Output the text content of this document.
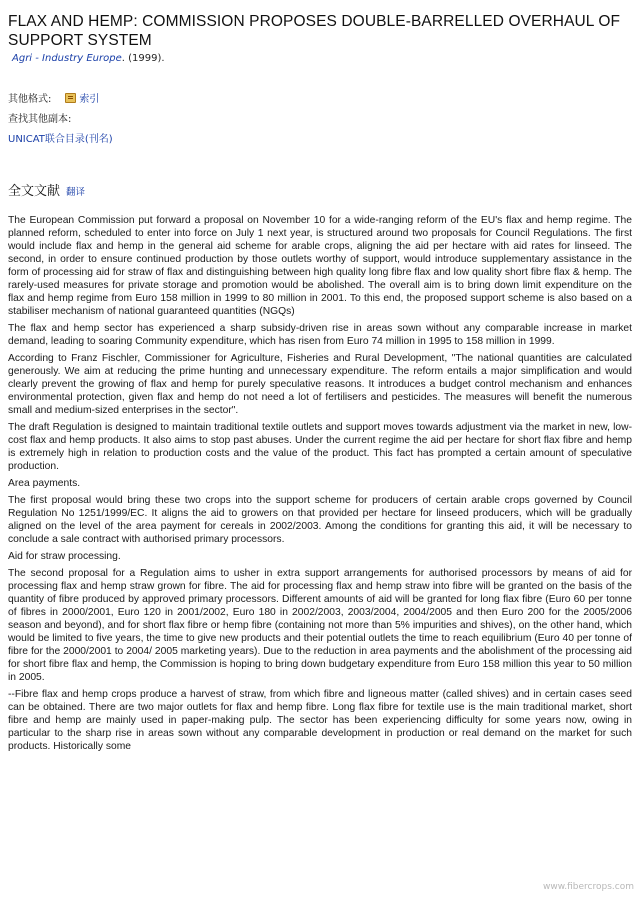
FLAX AND HEMP: COMMISSION PROPOSES DOUBLE-BARRELLED OVERHAUL OF SUPPORT SYSTEM
Agri - Industry Europe. (1999).
其他格式:	索引
查找其他副本:
UNICAT联合目录(刊名)
全文文献 翻译

The European Commission put forward a proposal on November 10 for a wide-ranging reform of the EU's flax and hemp regime. The planned reform, scheduled to enter into force on July 1 next year, is structured around two proposals for Council Regulations. The first would include flax and hemp in the general aid scheme for arable crops, aligning the aid per hectare with aid rates for linseed. The second, in order to ensure continued production by those outlets worthy of support, would introduce supplementary assistance in the form of processing aid for straw of flax and distinguishing between high quality long fibre flax and low quality short fibre flax & hemp. The rarely-used measures for private storage and promotion would be abolished. The overall aim is to bring down limit expenditure on the flax and hemp regime from Euro 158 million in 1999 to 80 million in 2001. To this end, the proposed support scheme is also based on a stabiliser mechanism of national guaranteed quantities (NGQs)

The flax and hemp sector has experienced a sharp subsidy-driven rise in areas sown without any comparable increase in market demand, leading to soaring Community expenditure, which has risen from Euro 74 million in 1995 to 158 million in 1999.

According to Franz Fischler, Commissioner for Agriculture, Fisheries and Rural Development, "The national quantities are calculated generously. We aim at reducing the prime hunting and unnecessary expenditure. The reform entails a major simplification and would clearly prevent the growing of flax and hemp for purely speculative reasons. It introduces a budget control mechanism and enhances environmental protection, given flax and hemp do not need a lot of fertilisers and pesticides. The measures will benefit the numerous small and medium-sized enterprises in the sector".

The draft Regulation is designed to maintain traditional textile outlets and support moves towards adjustment via the market in new, low-cost flax and hemp products. It also aims to stop past abuses. Under the current regime the aid per hectare for short flax fibre and hemp is extremely high in relation to production costs and the value of the product. This fact has prompted a certain amount of speculative production.

Area payments.

The first proposal would bring these two crops into the support scheme for producers of certain arable crops governed by Council Regulation No 1251/1999/EC. It aligns the aid to growers on that provided per hectare for linseed producers, which will be gradually aligned on the level of the area payment for cereals in 2002/2003. Among the conditions for granting this aid, it will be necessary to conclude a sale contract with authorised primary processors.

Aid for straw processing.

The second proposal for a Regulation aims to usher in extra support arrangements for authorised processors by means of aid for processing flax and hemp straw grown for fibre. The aid for processing flax and hemp straw into fibre will be granted on the basis of the quantity of fibre produced by approved primary processors. Different amounts of aid will be granted for long flax fibre (Euro 60 per tonne of fibres in 2000/2001, Euro 120 in 2001/2002, Euro 180 in 2002/2003, 2003/2004, 2004/2005 and then Euro 200 for the 2005/2006 season and beyond), and for short flax fibre or hemp fibre (containing not more than 5% impurities and shives), on the other hand, which would be limited to five years, the time to give new products and their potential outlets the time to reach equilibrium (Euro 40 per tonne of fibre for the 2000/2001 to 2004/ 2005 marketing years). Due to the reduction in area payments and the abolishment of the processing aid for short fibre flax and hemp, the Commission is hoping to bring down budgetary expenditure from Euro 158 million this year to 50 million in 2005.

--Fibre flax and hemp crops produce a harvest of straw, from which fibre and ligneous matter (called shives) and in certain cases seed can be obtained. There are two major outlets for flax and hemp fibre. Long flax fibre for textile use is the main traditional market, short fibre and hemp are mainly used in paper-making pulp. The sector has been experiencing difficulty for some years now, owing in particular to the sharp rise in areas sown without any comparable development in production or real demand on the market for such products. Historically some

www.fibercrops.com
